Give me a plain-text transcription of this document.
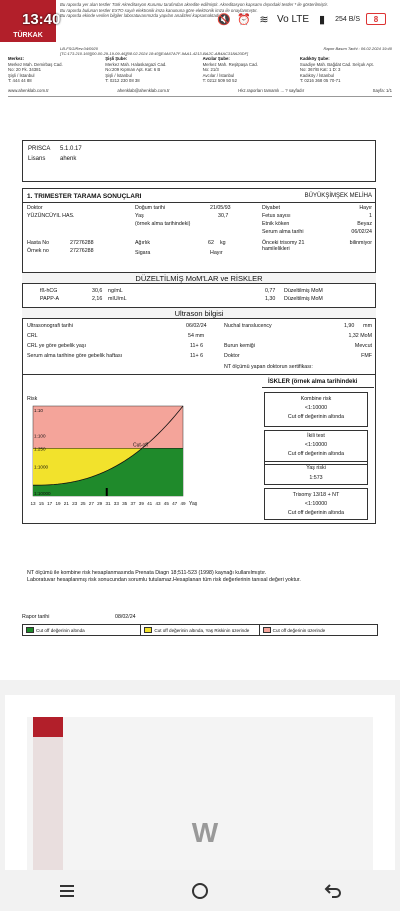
TÜRKAK
Bu raporda yer alan testler Türk Akreditasyon Kurumu tarafından akredite edilmiştir. Akreditasyon kapsamı dışındaki testler * ile gösterilmiştir.
Bu raporda bulunan testler EXTO sayılı elektronik imza kanununa göre elektronik imza ile onaylanmıştır.
Bu raporda ekinde verilen bilgiler laboratuvarımızda yapılan analizleri kapsamaktadır.
LB-FSG/Rev.04/0920
[TC:173.210.160][00-00-29-19-09-46][08.02.2024 18:40][E4A67A7F-9AA1-4213-BA2C-AB4AC318A20DF]
Rapor Basım Tarihi : 06.02.2024 19:40
Merkez:
Merkez Mah. Demirbaş Cad.
No: 20 Fk. 34381
Şişli / İstanbul
T: 444 44 88
Şişli Şube:
Merkez Mah. Halaskargazi Cad.
No:209 Kıpman Apt. Kat: 6 B
Şişli / İstanbul
T: 0212 230 08 38
Avcılar Şube:
Merkez Mah. Reşitpaşa Cad.
No: 21/3
Avcılar / İstanbul
T: 0212 509 50 52
Kadıköy Şube:
Suadiye Mah. Bağdat Cad. Selçuk Apt.
No: 367/B Kat: 1 D: 3
Kadıköy / İstanbul
T: 0216 368 05 70-71
www.ahenklab.com.tr	ahenklab@ahenklab.com.tr	Hkz.raporları tamamlı ... ? sayfadır	Sayfa: 1/1
PRISCA 5.1.0.17
Lisans ahenk
1. TRIMESTER TARAMA SONUÇLARI	BÜYÜKŞİMŞEK MELİHA
Doktor
YÜZÜNCÜYIL HAS.
Doğum tarihi	21/05/93
Yaş	30,7
(örnek alma tarihindeki)
Diyabet	Hayır
Fetus sayısı	1
Etnik köken	Beyaz
Serum alma tarihi	06/02/24
Hasta No	27276288
Örnek no	27276288
Ağırlık	62 kg
Sigara	Hayır
Önceki trisomy 21 hamilelikleri
bilinmiyor
DÜZELTİLMİŞ MoM'LAR ve RİSKLER
fß-hCG	30,6 ng/mL	0,77 Düzeltilmiş MoM
PAPP-A	2,16 mIU/mL	1,30 Düzeltilmiş MoM
Ultrason bilgisi
Ultrasonografi tarihi	06/02/24
CRL	54 mm
CRL ye göre gebelik yaşı	11+ 6
Serum alma tarihine göre gebelik haftası	11+ 6
Nuchal translucency	1,90 mm
1,32 MoM
Burun kemiği	Mevcut
Doktor	FMF
NT ölçümü yapan doktorun sertifikası:
İSKLER (örnek alma tarihindeki
Kombine risk
<1:10000
Cut off değerinin altında
İkili test
<1:10000
Cut off değerinin altında
Yaş riski
1:573
Trisomy 13/18 + NT
<1:10000
Cut off değerinin altında
Risk
Cut-off
1:10
1:100
1:250
1:1000
1:10000
13 15 17 19 21 23 25 27 29 31 33 35 37 39 41 43 45 47 49 Yaş
NT ölçümü ile kombine risk hesaplanmasında Prenata Diagn 18;511-523 (1998) kaynağı kullanılmıştır.
Laboratuvar hesaplanmış risk sonucundan sorumlu tutulamaz.Hesaplanan tüm risk değerlerinin tanısal değeri yoktur.
Rapor tarihi	08/02/24
Cut off değerinin altında	Cut off değerinin altında, Yaş Riskinin üzerinde	Cut off değerinin üzerinde
13:40	🔇 ⏰ ≋ Vo LTE ▮	254 B/S 8
W
